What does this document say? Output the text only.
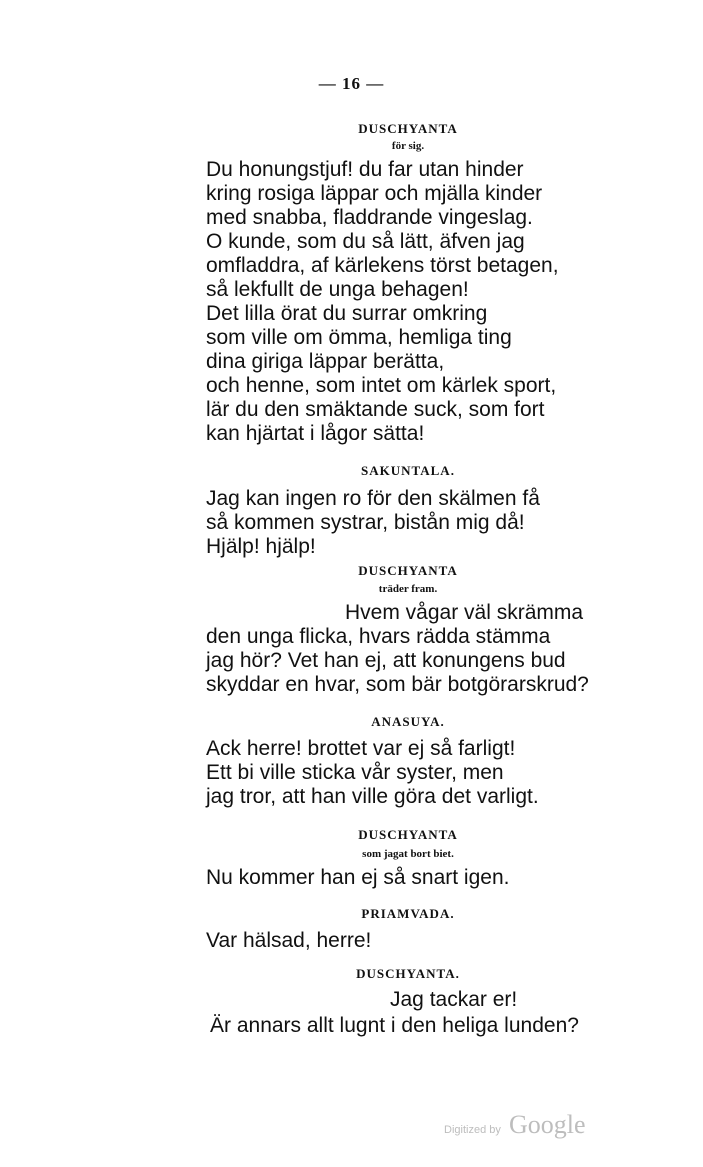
— 16 —
DUSCHYANTA
för sig.
Du honungstjuf! du far utan hinder
kring rosiga läppar och mjälla kinder
med snabba, fladdrande vingeslag.
O kunde, som du så lätt, äfven jag
omfladdra, af kärlekens törst betagen,
så lekfullt de unga behagen!
Det lilla örat du surrar omkring
som ville om ömma, hemliga ting
dina giriga läppar berätta,
och henne, som intet om kärlek sport,
lär du den smäktande suck, som fort
kan hjärtat i lågor sätta!
SAKUNTALA.
Jag kan ingen ro för den skälmen få
så kommen systrar, bistån mig då!
Hjälp! hjälp!
DUSCHYANTA
träder fram.
Hvem vågar väl skrämma
den unga flicka, hvars rädda stämma
jag hör? Vet han ej, att konungens bud
skyddar en hvar, som bär botgörarskrud?
ANASUYA.
Ack herre! brottet var ej så farligt!
Ett bi ville sticka vår syster, men
jag tror, att han ville göra det varligt.
DUSCHYANTA
som jagat bort biet.
Nu kommer han ej så snart igen.
PRIAMVADA.
Var hälsad, herre!
DUSCHYANTA.
Jag tackar er!
Är annars allt lugnt i den heliga lunden?
Digitized by Google
